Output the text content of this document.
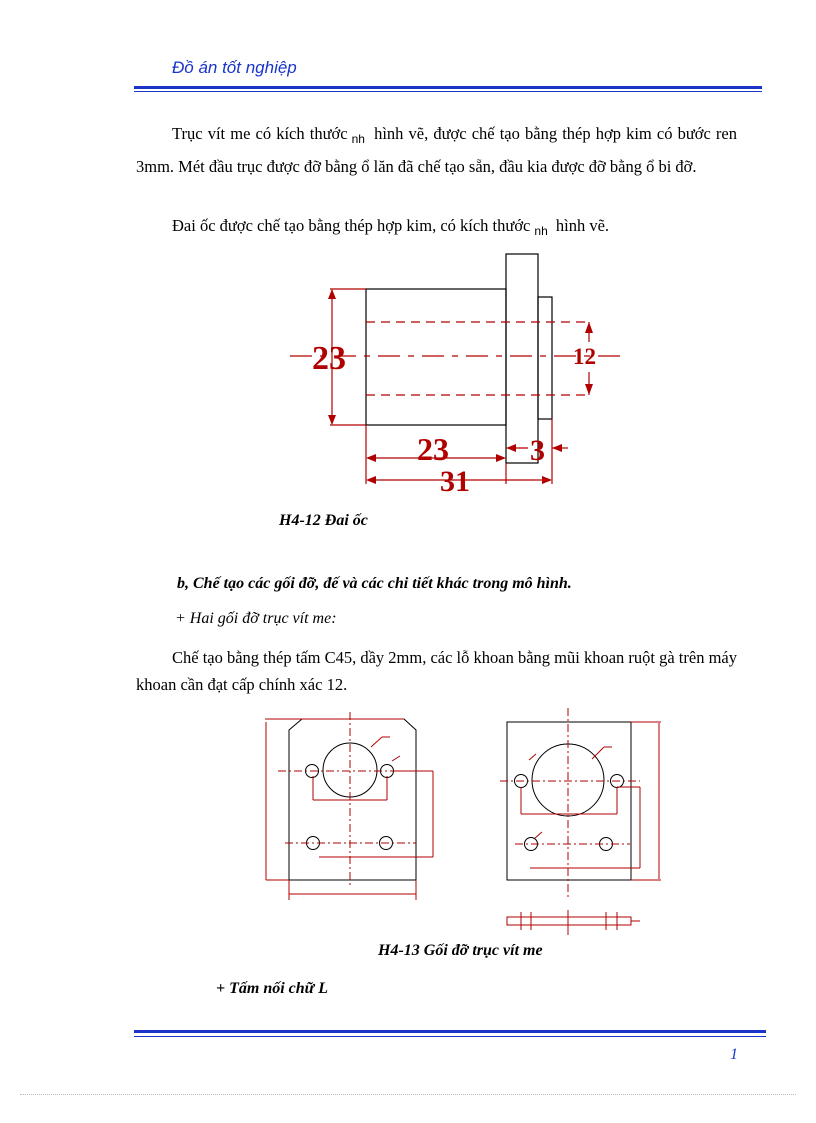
Đồ án tốt nghiệp

Trục vít me có kích thước $_{nh}$ hình vẽ, được chế tạo bằng thép hợp kim có bước ren 3mm. Mét đầu trục được đỡ bằng ổ lăn đã chế tạo sẵn, đầu kia được đỡ bằng ổ bi đỡ.

Đai ốc được chế tạo bằng thép hợp kim, có kích thước $_{nh}$ hình vẽ.

23	12
23	3
31
H4-12 Đai ốc
b, Chế tạo các gối đỡ, đế và các chi tiết khác trong mô hình.
+ Hai gối đỡ trục vít me:

Chế tạo bằng thép tấm C45, dầy 2mm, các lỗ khoan bằng mũi khoan ruột gà trên máy khoan cần đạt cấp chính xác 12.

H4-13 Gối đỡ trục vít me
+ Tấm nối chữ L
1
